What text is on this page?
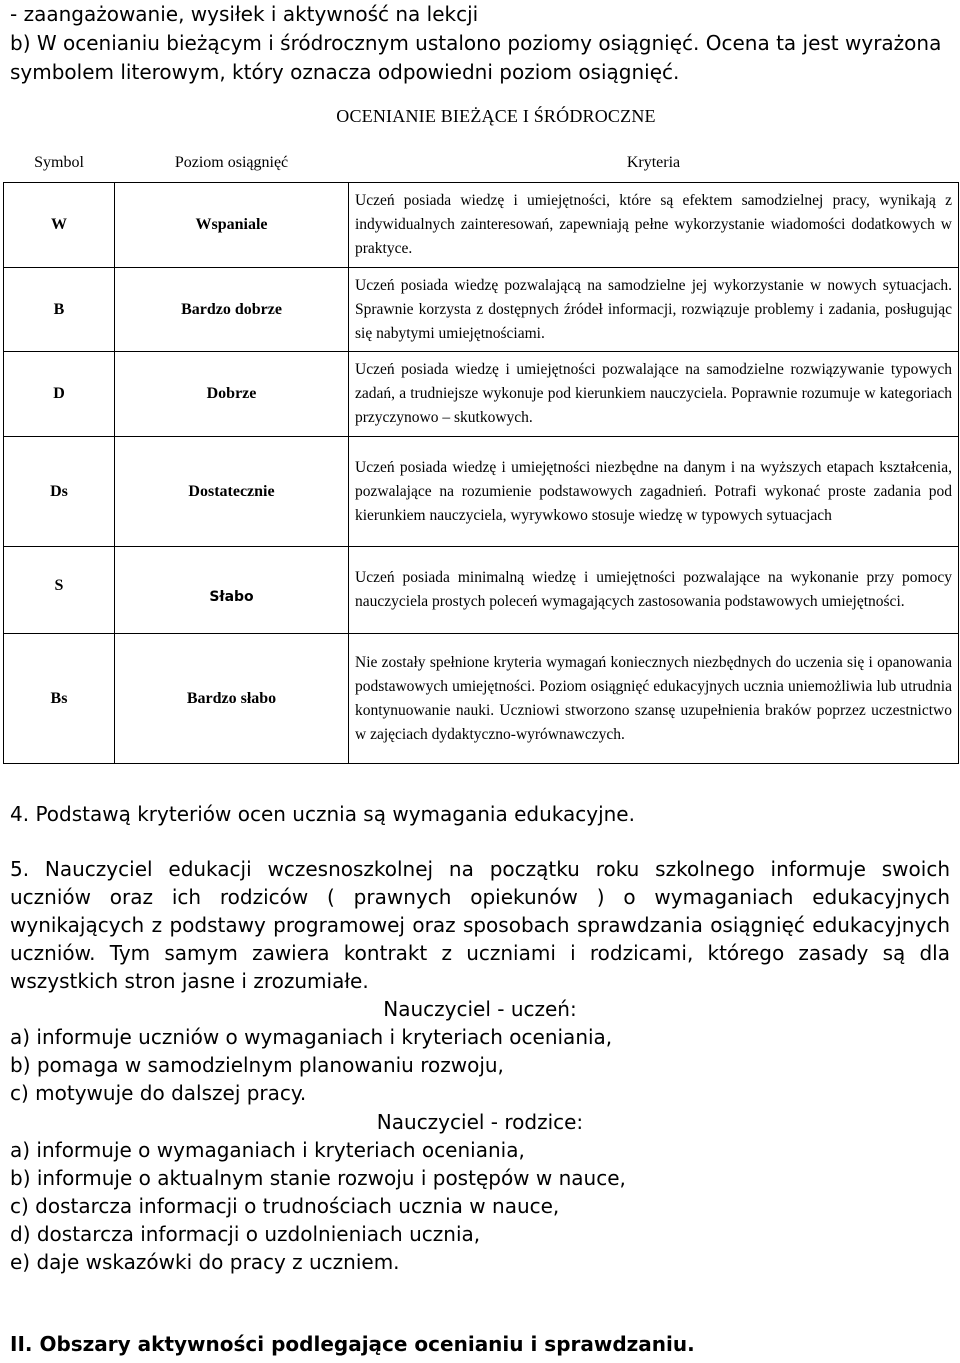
- zaangażowanie, wysiłek i aktywność na lekcji
b) W ocenianiu bieżącym i śródrocznym ustalono poziomy osiągnięć. Ocena ta jest wyrażona
symbolem literowym, który oznacza odpowiedni poziom osiągnięć.
OCENIANIE BIEŻĄCE I ŚRÓDROCZNE
Symbol	Poziom osiągnięć	Kryteria
W	Wspaniale	Uczeń posiada wiedzę i umiejętności, które są efektem samodzielnej pracy, wynikają z indywidualnych zainteresowań, zapewniają pełne wykorzystanie wiadomości dodatkowych w praktyce.
B	Bardzo dobrze	Uczeń posiada wiedzę pozwalającą na samodzielne jej wykorzystanie w nowych sytuacjach. Sprawnie korzysta z dostępnych źródeł informacji, rozwiązuje problemy i zadania, posługując się nabytymi umiejętnościami.
D	Dobrze	Uczeń posiada wiedzę i umiejętności pozwalające na samodzielne rozwiązywanie typowych zadań, a trudniejsze wykonuje pod kierunkiem nauczyciela. Poprawnie rozumuje w kategoriach przyczynowo – skutkowych.
Ds	Dostatecznie	Uczeń posiada wiedzę i umiejętności niezbędne na danym i na wyższych etapach kształcenia, pozwalające na rozumienie podstawowych zagadnień. Potrafi wykonać proste zadania pod kierunkiem nauczyciela, wyrywkowo stosuje wiedzę w typowych sytuacjach
S	Słabo	Uczeń posiada minimalną wiedzę i umiejętności pozwalające na wykonanie przy pomocy nauczyciela prostych poleceń wymagających zastosowania podstawowych umiejętności.
Bs	Bardzo słabo	Nie zostały spełnione kryteria wymagań koniecznych niezbędnych do uczenia się i opanowania podstawowych umiejętności. Poziom osiągnięć edukacyjnych ucznia uniemożliwia lub utrudnia kontynuowanie nauki. Uczniowi stworzono szansę uzupełnienia braków poprzez uczestnictwo w zajęciach dydaktyczno-wyrównawczych.
4. Podstawą kryteriów ocen ucznia są wymagania edukacyjne.
5. Nauczyciel edukacji wczesnoszkolnej na początku roku szkolnego informuje swoich uczniów oraz ich rodziców ( prawnych opiekunów ) o wymaganiach edukacyjnych wynikających z podstawy programowej oraz sposobach sprawdzania osiągnięć edukacyjnych uczniów. Tym samym zawiera kontrakt z uczniami i rodzicami, którego zasady są dla wszystkich stron jasne i zrozumiałe.
Nauczyciel - uczeń:
a) informuje uczniów o wymaganiach i kryteriach oceniania,
b) pomaga w samodzielnym planowaniu rozwoju,
c) motywuje do dalszej pracy.
Nauczyciel - rodzice:
a) informuje o wymaganiach i kryteriach oceniania,
b) informuje o aktualnym stanie rozwoju i postępów w nauce,
c) dostarcza informacji o trudnościach ucznia w nauce,
d) dostarcza informacji o uzdolnieniach ucznia,
e) daje wskazówki do pracy z uczniem.
II. Obszary aktywności podlegające ocenianiu i sprawdzaniu.
